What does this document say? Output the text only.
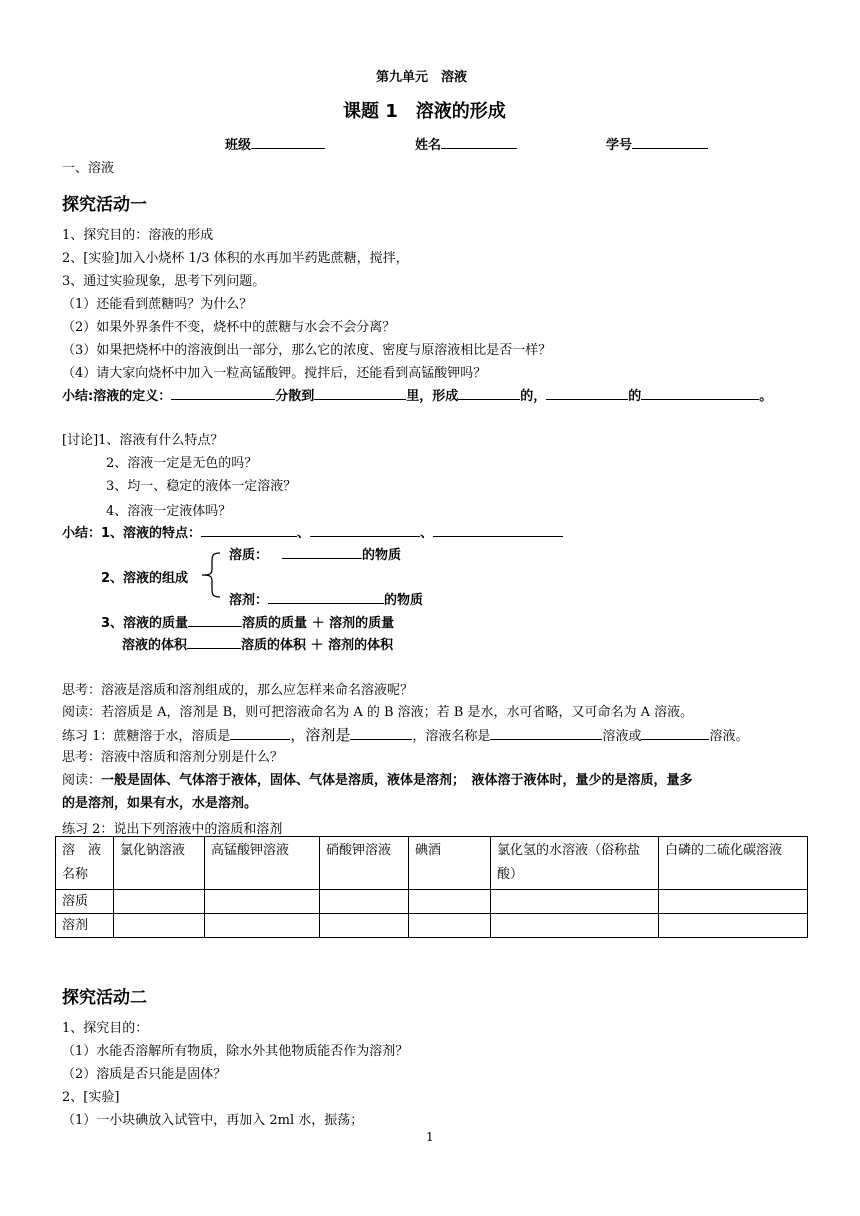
第九单元　溶液
课题 1　溶液的形成
班级	姓名	学号
一、溶液
探究活动一
1、探究目的：溶液的形成
2、[实验]加入小烧杯 1/3 体积的水再加半药匙蔗糖，搅拌，
3、通过实验现象，思考下列问题。
（1）还能看到蔗糖吗？为什么？
（2）如果外界条件不变，烧杯中的蔗糖与水会不会分离？
（3）如果把烧杯中的溶液倒出一部分，那么它的浓度、密度与原溶液相比是否一样？
（4）请大家向烧杯中加入一粒高锰酸钾。搅拌后，还能看到高锰酸钾吗？
小结:溶液的定义：	分散到	里，形成	的，	的	。
[讨论]1、溶液有什么特点？
2、溶液一定是无色的吗？
3、均一、稳定的液体一定溶液？
4、溶液一定液体吗？
小结：1、溶液的特点：	、	、
2、溶液的组成
溶质：	的物质
溶剂：	的物质
3、溶液的质量	溶质的质量 ＋ 溶剂的质量
溶液的体积	溶质的体积 ＋ 溶剂的体积
思考：溶液是溶质和溶剂组成的，那么应怎样来命名溶液呢？
阅读：若溶质是 A，溶剂是 B，则可把溶液命名为 A 的 B 溶液；若 B 是水，水可省略，又可命名为 A 溶液。
练习 1：蔗糖溶于水，溶质是	，溶剂是	，溶液名称是	溶液或	溶液。
思考：溶液中溶质和溶剂分别是什么？
阅读：一般是固体、气体溶于液体，固体、气体是溶质，液体是溶剂；　液体溶于液体时，量少的是溶质，量多
的是溶剂，如果有水，水是溶剂。
练习 2：说出下列溶液中的溶质和溶剂
溶　液名称	氯化钠溶液	高锰酸钾溶液	硝酸钾溶液	碘酒	氯化氢的水溶液（俗称盐酸）	白磷的二硫化碳溶液
溶质						
溶剂						
探究活动二
1、探究目的：
（1）水能否溶解所有物质，除水外其他物质能否作为溶剂？
（2）溶质是否只能是固体？
2、[实验]
（1）一小块碘放入试管中，再加入 2ml 水，振荡；
1
